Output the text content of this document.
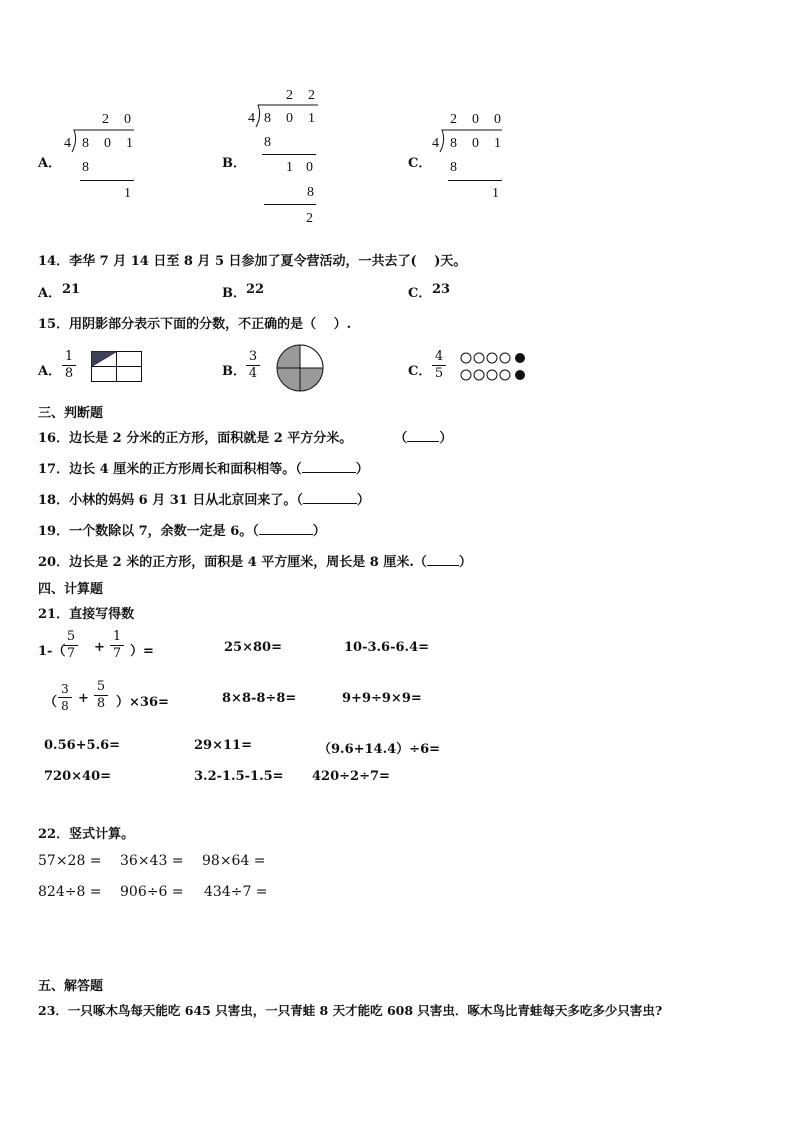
A．
2 0
4 8 0 1
8
1
B．
2 2
4 8 0 1
8
1 0
8
2
C．
2 0 0
4 8 0 1
8
1
14．李华 7 月 14 日至 8 月 5 日参加了夏令营活动，一共去了(　 )天。
A． 21	B． 22	C． 23
15．用阴影部分表示下面的分数，不正确的是（　 ）.
A．
1
8	B．
3
4	C．
4
5
三、判断题
16．边长是 2 分米的正方形，面积就是 2 平方分米。	（ ）
17．边长 4 厘米的正方形周长和面积相等。（	）
18．小林的妈妈 6 月 31 日从北京回来了。（	）
19．一个数除以 7，余数一定是 6。（	）
20．边长是 2 米的正方形，面积是 4 平方厘米，周长是 8 厘米.（ ）
四、计算题
21．直接写得数
1-（
5
7 +
1
7 ）=	25×80=	10-3.6-6.4=
（
3
8 +
5
8 ）×36=	8×8-8÷8=	9+9÷9×9=
0.56+5.6=	29×11=	（9.6+14.4）÷6=
720×40=	3.2-1.5-1.5= 420÷2÷7=
22．竖式计算。
57×28 = 36×43 = 98×64 =
824÷8 = 906÷6 = 434÷7 =
五、解答题
23．一只啄木鸟每天能吃 645 只害虫，一只青蛙 8 天才能吃 608 只害虫．啄木鸟比青蛙每天多吃多少只害虫?
